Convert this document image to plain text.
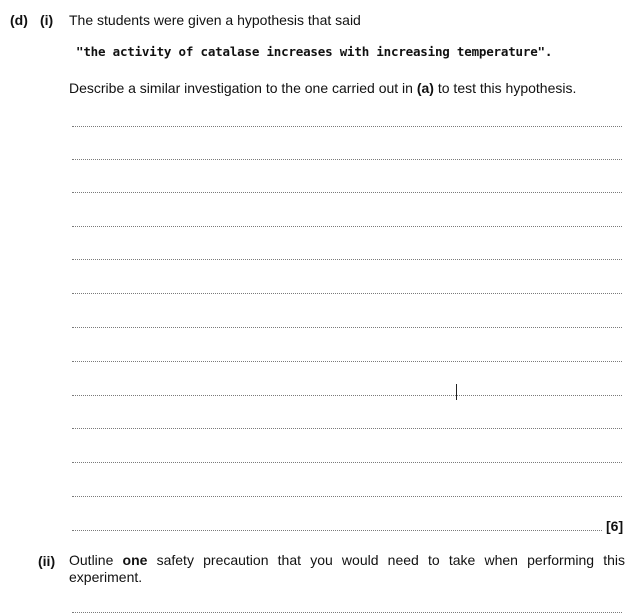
(d) (i) The students were given a hypothesis that said
"the activity of catalase increases with increasing temperature".
Describe a similar investigation to the one carried out in (a) to test this hypothesis.
[6]
(ii) Outline one safety precaution that you would need to take when performing this experiment.
